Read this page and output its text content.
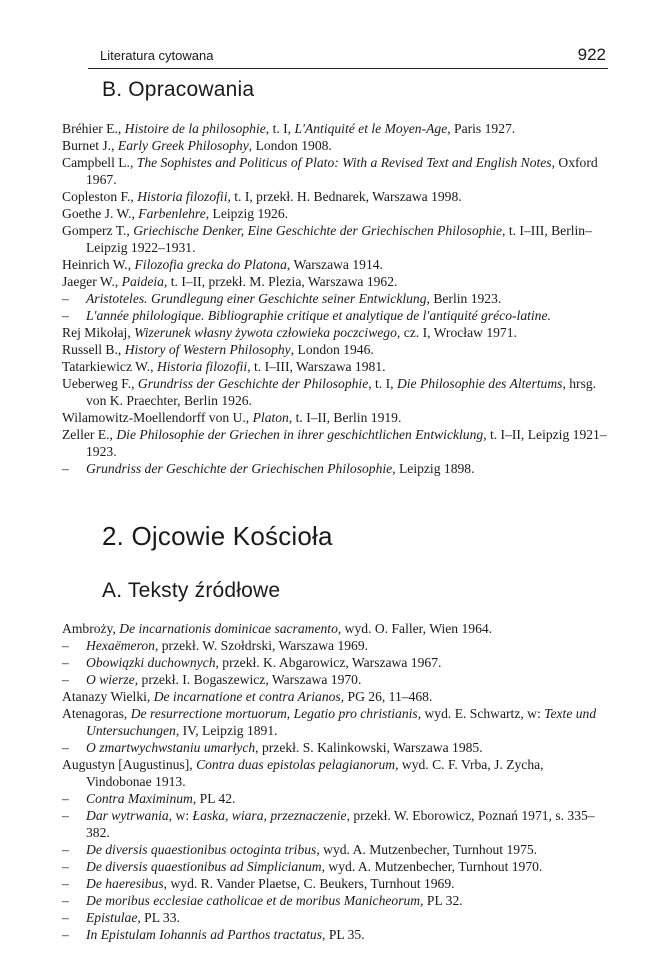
Literatura cytowana	922
B. Opracowania
Bréhier E., Histoire de la philosophie, t. I, L'Antiquité et le Moyen-Age, Paris 1927.
Burnet J., Early Greek Philosophy, London 1908.
Campbell L., The Sophistes and Politicus of Plato: With a Revised Text and English Notes, Oxford 1967.
Copleston F., Historia filozofii, t. I, przekł. H. Bednarek, Warszawa 1998.
Goethe J. W., Farbenlehre, Leipzig 1926.
Gomperz T., Griechische Denker, Eine Geschichte der Griechischen Philosophie, t. I–III, Berlin– Leipzig 1922–1931.
Heinrich W., Filozofia grecka do Platona, Warszawa 1914.
Jaeger W., Paideia, t. I–II, przekł. M. Plezia, Warszawa 1962.
– Aristoteles. Grundlegung einer Geschichte seiner Entwicklung, Berlin 1923.
– L'année philologique. Bibliographie critique et analytique de l'antiquité gréco-latine.
Rej Mikołaj, Wizerunek własny żywota człowieka poczciwego, cz. I, Wrocław 1971.
Russell B., History of Western Philosophy, London 1946.
Tatarkiewicz W., Historia filozofii, t. I–III, Warszawa 1981.
Ueberweg F., Grundriss der Geschichte der Philosophie, t. I, Die Philosophie des Altertums, hrsg. von K. Praechter, Berlin 1926.
Wilamowitz-Moellendorff von U., Platon, t. I–II, Berlin 1919.
Zeller E., Die Philosophie der Griechen in ihrer geschichtlichen Entwicklung, t. I–II, Leipzig 1921–1923.
– Grundriss der Geschichte der Griechischen Philosophie, Leipzig 1898.
2. Ojcowie Kościoła
A. Teksty źródłowe
Ambroży, De incarnationis dominicae sacramento, wyd. O. Faller, Wien 1964.
– Hexaëmeron, przekł. W. Szołdrski, Warszawa 1969.
– Obowiązki duchownych, przekł. K. Abgarowicz, Warszawa 1967.
– O wierze, przekł. I. Bogaszewicz, Warszawa 1970.
Atanazy Wielki, De incarnatione et contra Arianos, PG 26, 11–468.
Atenagoras, De resurrectione mortuorum, Legatio pro christianis, wyd. E. Schwartz, w: Texte und Untersuchungen, IV, Leipzig 1891.
– O zmartwychwstaniu umarłych, przekł. S. Kalinkowski, Warszawa 1985.
Augustyn [Augustinus], Contra duas epistolas pelagianorum, wyd. C. F. Vrba, J. Zycha, Vindobonae 1913.
– Contra Maximinum, PL 42.
– Dar wytrwania, w: Łaska, wiara, przeznaczenie, przekł. W. Eborowicz, Poznań 1971, s. 335–382.
– De diversis quaestionibus octoginta tribus, wyd. A. Mutzenbecher, Turnhout 1975.
– De diversis quaestionibus ad Simplicianum, wyd. A. Mutzenbecher, Turnhout 1970.
– De haeresibus, wyd. R. Vander Plaetse, C. Beukers, Turnhout 1969.
– De moribus ecclesiae catholicae et de moribus Manicheorum, PL 32.
– Epistulae, PL 33.
– In Epistulam Iohannis ad Parthos tractatus, PL 35.
